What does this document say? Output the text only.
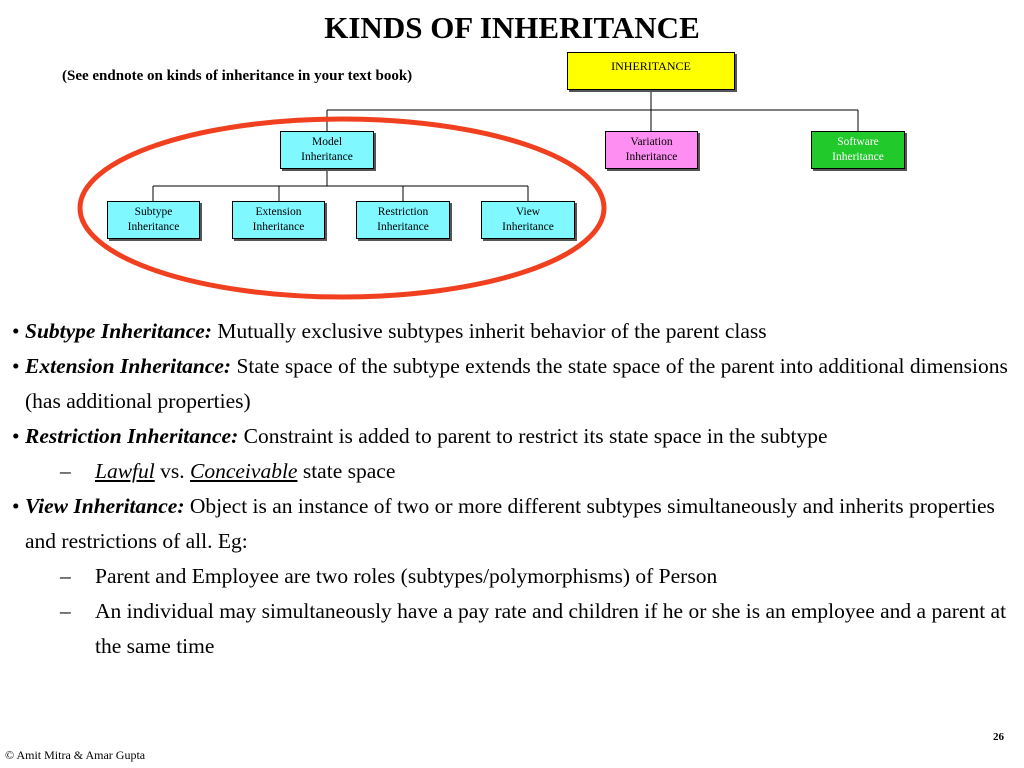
KINDS OF INHERITANCE
(See endnote on kinds of inheritance in your text book)
INHERITANCE
Model
Inheritance
Variation
Inheritance
Software
Inheritance
Subtype
Inheritance
Extension
Inheritance
Restriction
Inheritance
View
Inheritance
• Subtype Inheritance: Mutually exclusive subtypes inherit behavior of the parent class
• Extension Inheritance: State space of the subtype extends the state space of the parent into additional dimensions (has additional properties)
• Restriction Inheritance: Constraint is added to parent to restrict its state space in the subtype
– Lawful vs. Conceivable state space
• View Inheritance: Object is an instance of two or more different subtypes simultaneously and inherits properties and restrictions of all. Eg:
– Parent and Employee are two roles (subtypes/polymorphisms) of Person
– An individual may simultaneously have a pay rate and children if he or she is an employee and a parent at the same time
26
© Amit Mitra & Amar Gupta
